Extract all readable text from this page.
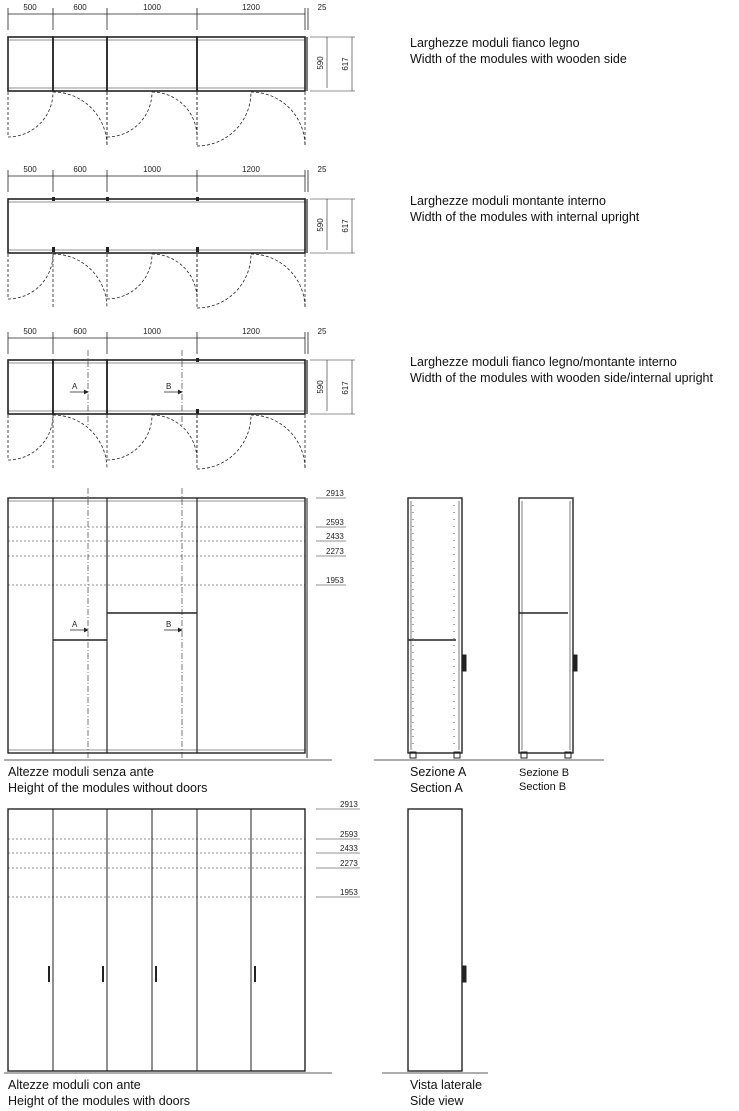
500	600	1000	1200	25
590 617
Larghezze moduli fianco legno
Width of the modules with wooden side
500	600	1000	1200	25
590 617
Larghezze moduli montante interno
Width of the modules with internal upright
500	600	1000	1200	25
A	B	590 617
Larghezze moduli fianco legno/montante interno
Width of the modules with wooden side/internal upright
2913
2593
2433
2273
1953
A	B
Altezze moduli senza ante
Height of the modules without doors
Sezione A
Section A
Sezione B
Section B
2913
2593
2433
2273
1953
Altezze moduli con ante
Height of the modules with doors
Vista laterale
Side view
